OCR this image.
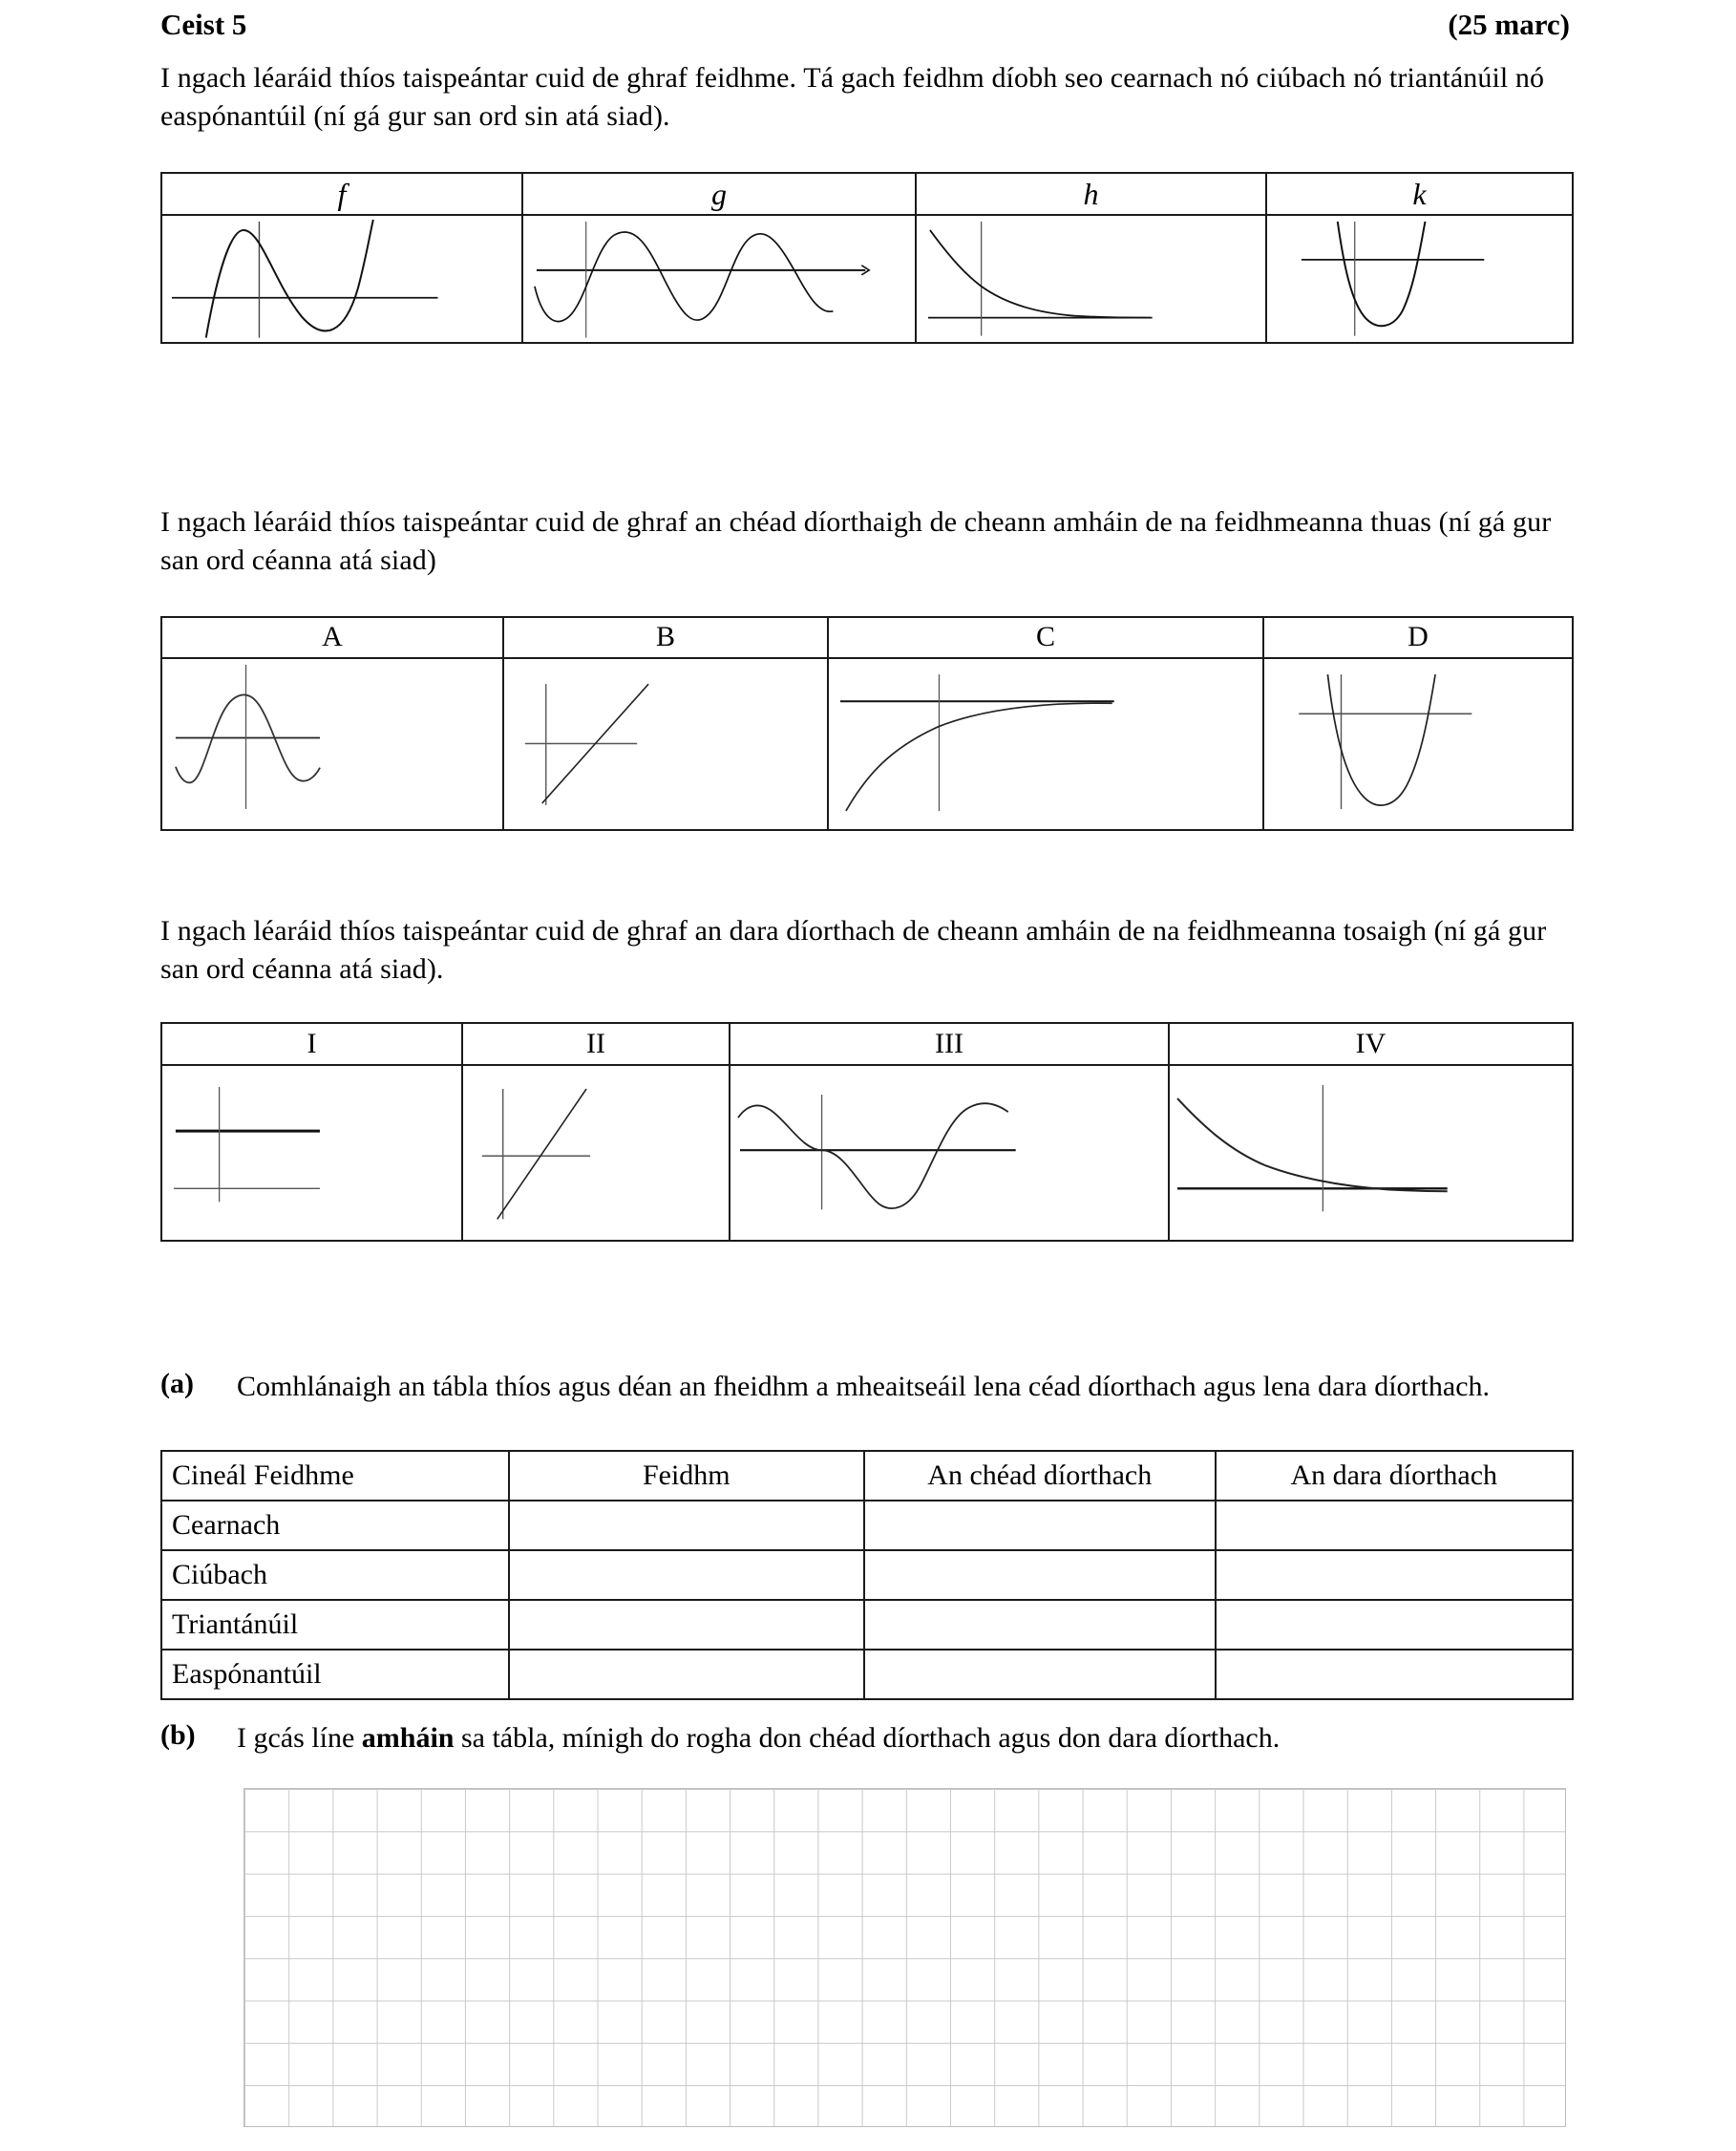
Ceist 5	(25 marc)
I ngach léaráid thíos taispeántar cuid de ghraf feidhme. Tá gach feidhm díobh seo cearnach nó ciúbach nó triantánúil nó easpónantúil (ní gá gur san ord sin atá siad).
f	g	h	k
I ngach léaráid thíos taispeántar cuid de ghraf an chéad díorthaigh de cheann amháin de na feidhmeanna thuas (ní gá gur san ord céanna atá siad)
A	B	C	D
I ngach léaráid thíos taispeántar cuid de ghraf an dara díorthach de cheann amháin de na feidhmeanna tosaigh (ní gá gur san ord céanna atá siad).
I	II	III	IV
(a) Comhlánaigh an tábla thíos agus déan an fheidhm a mheaitseáil lena céad díorthach agus lena dara díorthach.
Cineál Feidhme	Feidhm	An chéad díorthach	An dara díorthach
Cearnach			
Ciúbach			
Triantánúil			
Easpónantúil			
(b) I gcás líne amháin sa tábla, mínigh do rogha don chéad díorthach agus don dara díorthach.
